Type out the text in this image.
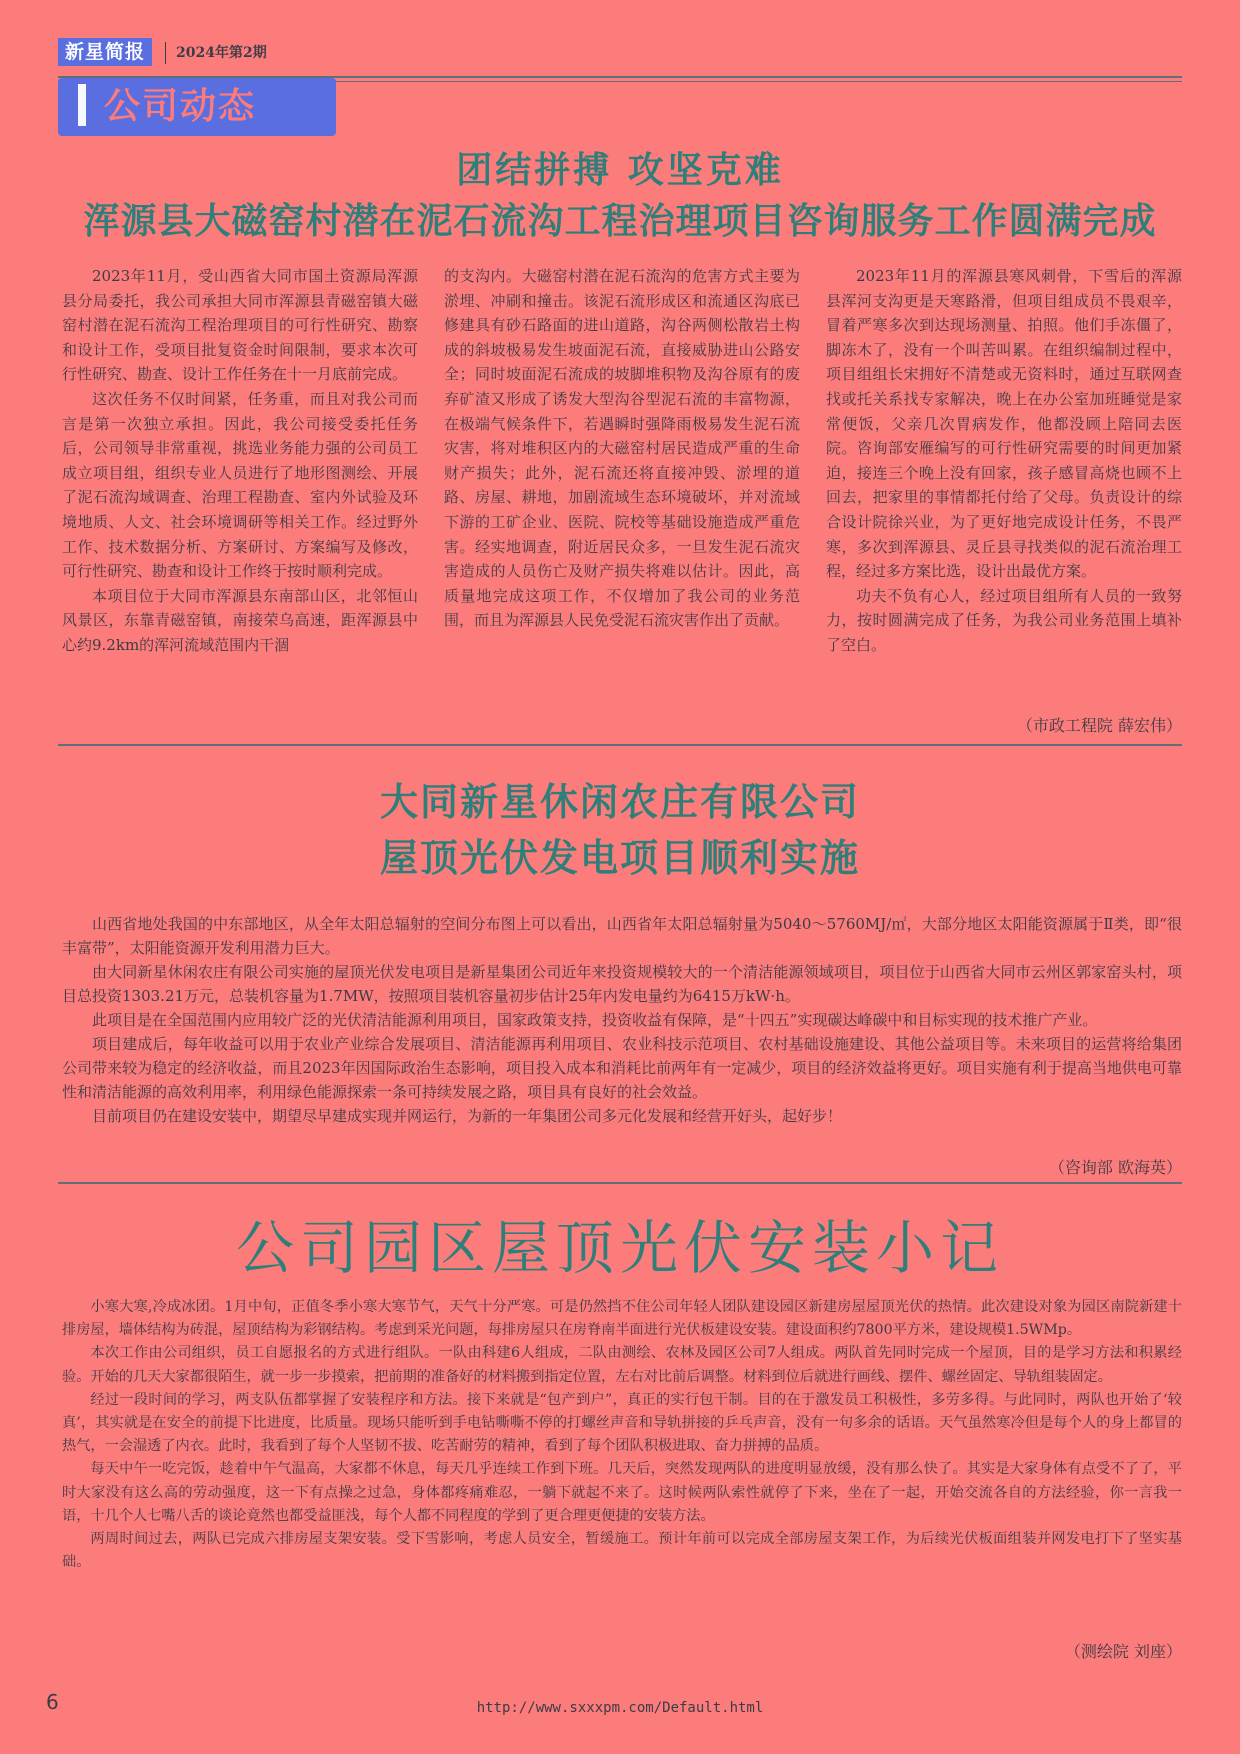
新星简报	2024年第2期
公司动态
团结拼搏 攻坚克难
浑源县大磁窑村潜在泥石流沟工程治理项目咨询服务工作圆满完成

2023年11月，受山西省大同市国土资源局浑源县分局委托，我公司承担大同市浑源县青磁窑镇大磁窑村潜在泥石流沟工程治理项目的可行性研究、勘察和设计工作，受项目批复资金时间限制，要求本次可行性研究、勘查、设计工作任务在十一月底前完成。

这次任务不仅时间紧，任务重，而且对我公司而言是第一次独立承担。因此，我公司接受委托任务后，公司领导非常重视，挑选业务能力强的公司员工成立项目组，组织专业人员进行了地形图测绘、开展了泥石流沟域调查、治理工程勘查、室内外试验及环境地质、人文、社会环境调研等相关工作。经过野外工作、技术数据分析、方案研讨、方案编写及修改，可行性研究、勘查和设计工作终于按时顺利完成。

本项目位于大同市浑源县东南部山区，北邻恒山风景区，东靠青磁窑镇，南接荣乌高速，距浑源县中心约9.2km的浑河流域范围内干涸

的支沟内。大磁窑村潜在泥石流沟的危害方式主要为淤埋、冲刷和撞击。该泥石流形成区和流通区沟底已修建具有砂石路面的进山道路，沟谷两侧松散岩土构成的斜坡极易发生坡面泥石流，直接威胁进山公路安全；同时坡面泥石流成的坡脚堆积物及沟谷原有的废弃矿渣又形成了诱发大型沟谷型泥石流的丰富物源，在极端气候条件下，若遇瞬时强降雨极易发生泥石流灾害，将对堆积区内的大磁窑村居民造成严重的生命财产损失；此外，泥石流还将直接冲毁、淤埋的道路、房屋、耕地，加剧流域生态环境破坏，并对流域下游的工矿企业、医院、院校等基础设施造成严重危害。经实地调查，附近居民众多，一旦发生泥石流灾害造成的人员伤亡及财产损失将难以估计。因此，高质量地完成这项工作，不仅增加了我公司的业务范围，而且为浑源县人民免受泥石流灾害作出了贡献。

2023年11月的浑源县寒风刺骨，下雪后的浑源县浑河支沟更是天寒路滑，但项目组成员不畏艰辛，冒着严寒多次到达现场测量、拍照。他们手冻僵了，脚冻木了，没有一个叫苦叫累。在组织编制过程中，项目组组长宋拥好不清楚或无资料时，通过互联网查找或托关系找专家解决，晚上在办公室加班睡觉是家常便饭，父亲几次胃病发作，他都没顾上陪同去医院。咨询部安雁编写的可行性研究需要的时间更加紧迫，接连三个晚上没有回家，孩子感冒高烧也顾不上回去，把家里的事情都托付给了父母。负责设计的综合设计院徐兴业，为了更好地完成设计任务，不畏严寒，多次到浑源县、灵丘县寻找类似的泥石流治理工程，经过多方案比选，设计出最优方案。

功夫不负有心人，经过项目组所有人员的一致努力，按时圆满完成了任务，为我公司业务范围上填补了空白。

（市政工程院 薛宏伟）
大同新星休闲农庄有限公司
屋顶光伏发电项目顺利实施

山西省地处我国的中东部地区，从全年太阳总辐射的空间分布图上可以看出，山西省年太阳总辐射量为5040～5760MJ/㎡，大部分地区太阳能资源属于Ⅱ类，即“很丰富带”，太阳能资源开发利用潜力巨大。

由大同新星休闲农庄有限公司实施的屋顶光伏发电项目是新星集团公司近年来投资规模较大的一个清洁能源领域项目，项目位于山西省大同市云州区郭家窑头村，项目总投资1303.21万元，总装机容量为1.7MW，按照项目装机容量初步估计25年内发电量约为6415万kW·h。

此项目是在全国范围内应用较广泛的光伏清洁能源利用项目，国家政策支持，投资收益有保障，是“十四五”实现碳达峰碳中和目标实现的技术推广产业。

项目建成后，每年收益可以用于农业产业综合发展项目、清洁能源再利用项目、农业科技示范项目、农村基础设施建设、其他公益项目等。未来项目的运营将给集团公司带来较为稳定的经济收益，而且2023年因国际政治生态影响，项目投入成本和消耗比前两年有一定减少，项目的经济效益将更好。项目实施有利于提高当地供电可靠性和清洁能源的高效利用率，利用绿色能源探索一条可持续发展之路，项目具有良好的社会效益。

目前项目仍在建设安装中，期望尽早建成实现并网运行，为新的一年集团公司多元化发展和经营开好头，起好步！

（咨询部 欧海英）
公司园区屋顶光伏安装小记

小寒大寒,冷成冰团。1月中旬，正值冬季小寒大寒节气，天气十分严寒。可是仍然挡不住公司年轻人团队建设园区新建房屋屋顶光伏的热情。此次建设对象为园区南院新建十排房屋，墙体结构为砖混，屋顶结构为彩钢结构。考虑到采光问题，每排房屋只在房脊南半面进行光伏板建设安装。建设面积约7800平方米，建设规模1.5WMp。

本次工作由公司组织，员工自愿报名的方式进行组队。一队由科建6人组成，二队由测绘、农林及园区公司7人组成。两队首先同时完成一个屋顶，目的是学习方法和积累经验。开始的几天大家都很陌生，就一步一步摸索，把前期的准备好的材料搬到指定位置，左右对比前后调整。材料到位后就进行画线、摆件、螺丝固定、导轨组装固定。

经过一段时间的学习，两支队伍都掌握了安装程序和方法。接下来就是“包产到户”，真正的实行包干制。目的在于激发员工积极性，多劳多得。与此同时，两队也开始了‘较真’，其实就是在安全的前提下比进度，比质量。现场只能听到手电钻嘶嘶不停的打螺丝声音和导轨拼接的乒乓声音，没有一句多余的话语。天气虽然寒冷但是每个人的身上都冒的热气，一会湿透了内衣。此时，我看到了每个人坚韧不拔、吃苦耐劳的精神，看到了每个团队积极进取、奋力拼搏的品质。

每天中午一吃完饭，趁着中午气温高，大家都不休息，每天几乎连续工作到下班。几天后，突然发现两队的进度明显放缓，没有那么快了。其实是大家身体有点受不了了，平时大家没有这么高的劳动强度，这一下有点操之过急，身体都疼痛难忍，一躺下就起不来了。这时候两队索性就停了下来，坐在了一起，开始交流各自的方法经验，你一言我一语，十几个人七嘴八舌的谈论竟然也都受益匪浅，每个人都不同程度的学到了更合理更便捷的安装方法。

两周时间过去，两队已完成六排房屋支架安装。受下雪影响，考虑人员安全，暂缓施工。预计年前可以完成全部房屋支架工作，为后续光伏板面组装并网发电打下了坚实基础。

（测绘院 刘座）
6	http://www.sxxxpm.com/Default.html
